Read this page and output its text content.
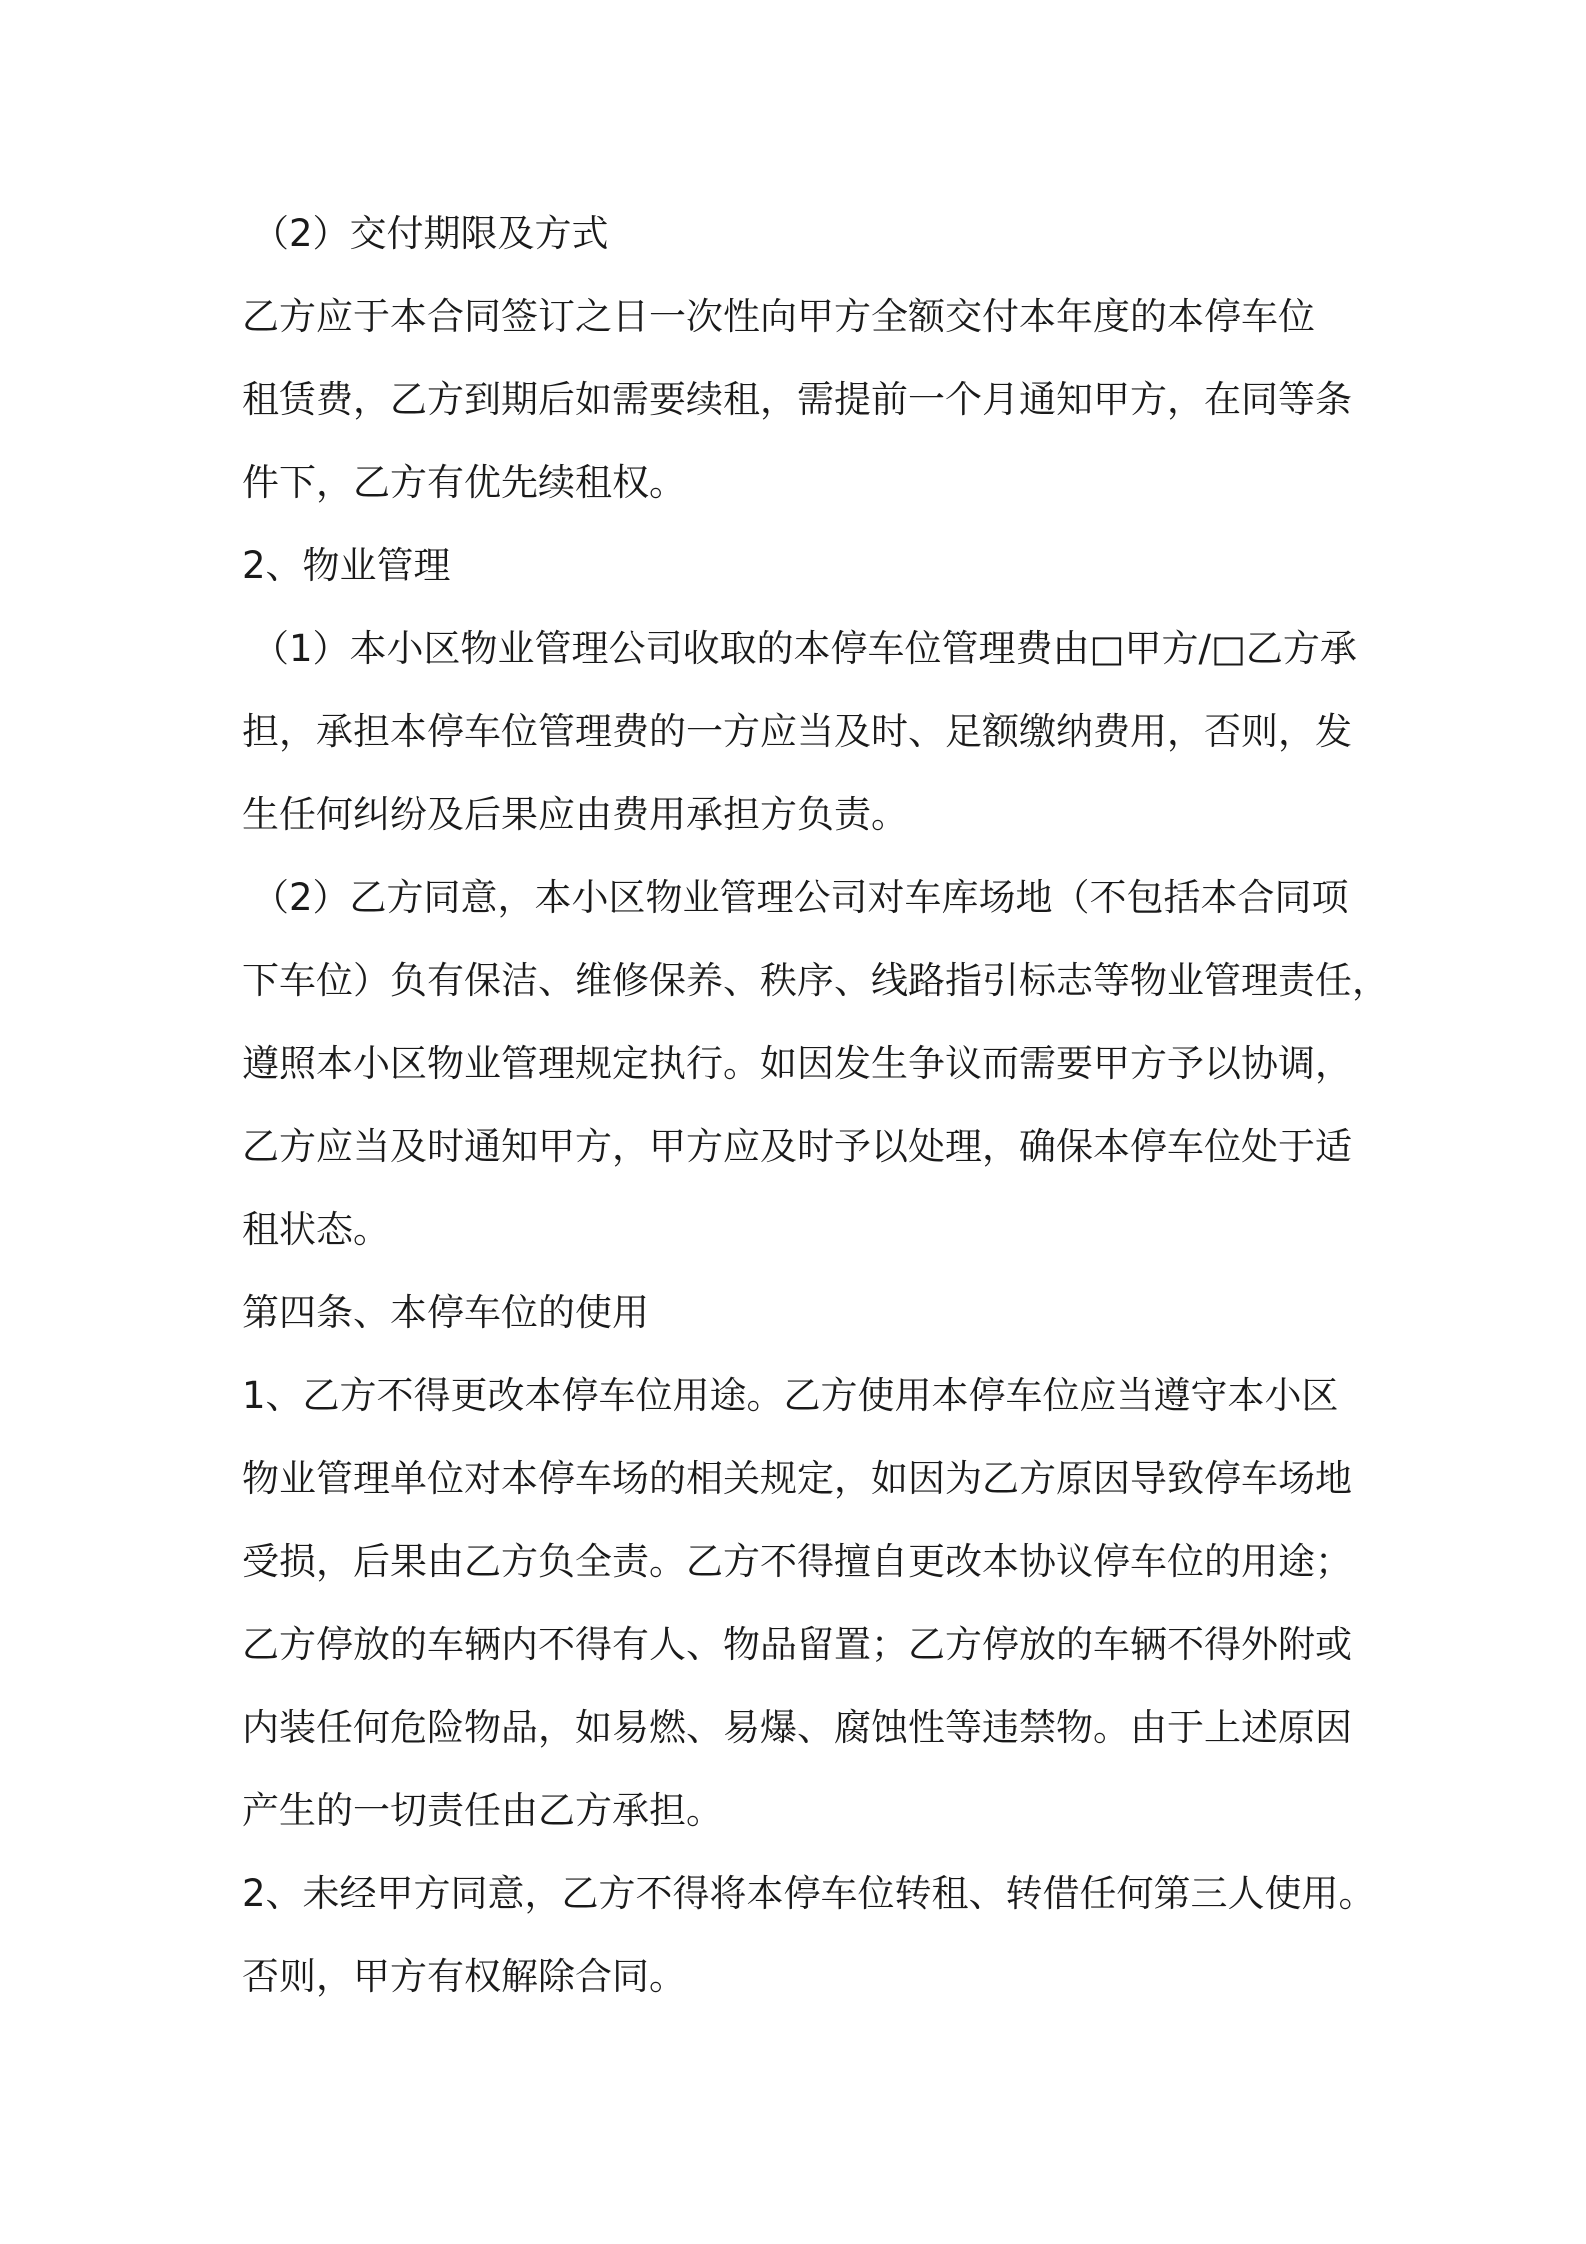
（2）交付期限及方式
乙方应于本合同签订之日一次性向甲方全额交付本年度的本停车位
租赁费，乙方到期后如需要续租，需提前一个月通知甲方，在同等条
件下，乙方有优先续租权。
2、物业管理
（1）本小区物业管理公司收取的本停车位管理费由□甲方/□乙方承
担，承担本停车位管理费的一方应当及时、足额缴纳费用，否则，发
生任何纠纷及后果应由费用承担方负责。
（2）乙方同意，本小区物业管理公司对车库场地（不包括本合同项
下车位）负有保洁、维修保养、秩序、线路指引标志等物业管理责任，
遵照本小区物业管理规定执行。如因发生争议而需要甲方予以协调，
乙方应当及时通知甲方，甲方应及时予以处理，确保本停车位处于适
租状态。
第四条、本停车位的使用
1、乙方不得更改本停车位用途。乙方使用本停车位应当遵守本小区
物业管理单位对本停车场的相关规定，如因为乙方原因导致停车场地
受损，后果由乙方负全责。乙方不得擅自更改本协议停车位的用途；
乙方停放的车辆内不得有人、物品留置；乙方停放的车辆不得外附或
内装任何危险物品，如易燃、易爆、腐蚀性等违禁物。由于上述原因
产生的一切责任由乙方承担。
2、未经甲方同意，乙方不得将本停车位转租、转借任何第三人使用。
否则，甲方有权解除合同。
